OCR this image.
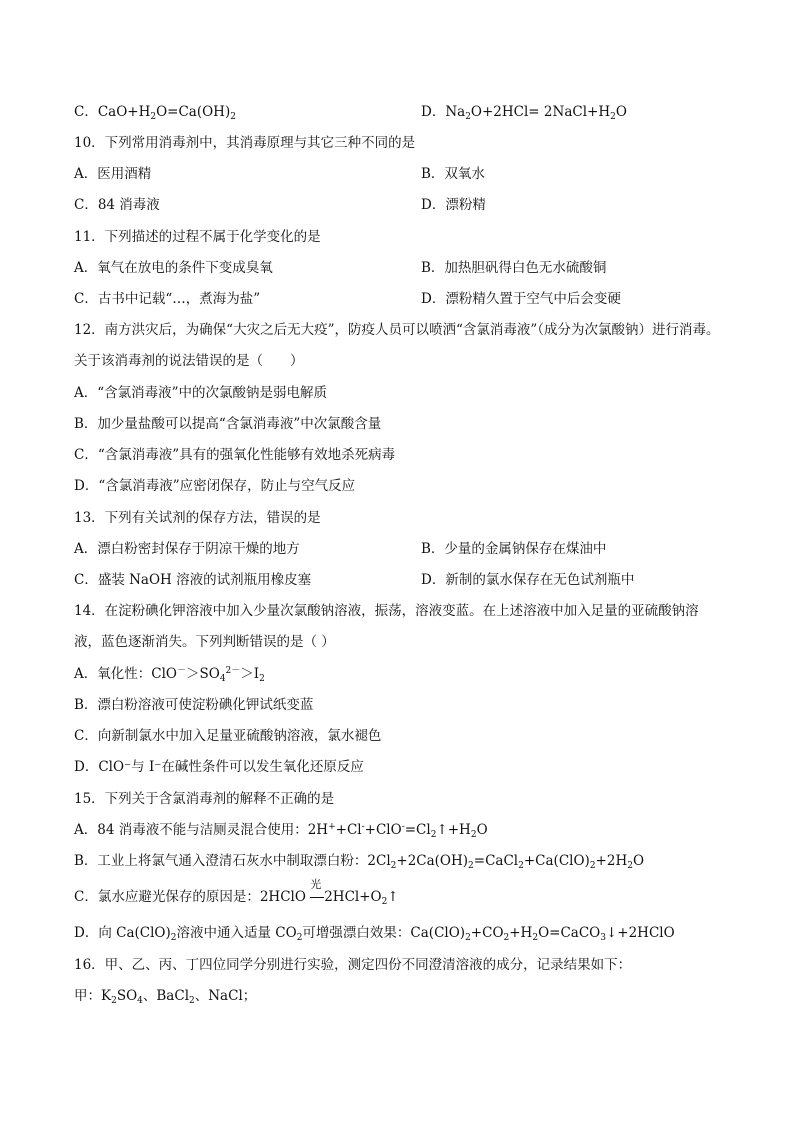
C．$CaO+H_2O=Ca(OH)_2$	D．$Na_2O+2HCl=$ $2NaCl+H_2O$
10．下列常用消毒剂中，其消毒原理与其它三种不同的是
A．医用酒精	B．双氧水
C．84 消毒液	D．漂粉精
11．下列描述的过程不属于化学变化的是
A．氧气在放电的条件下变成臭氧	B．加热胆矾得白色无水硫酸铜
C．古书中记载“…，煮海为盐”	D．漂粉精久置于空气中后会变硬
12．南方洪灾后，为确保“大灾之后无大疫”，防疫人员可以喷洒“含氯消毒液”（成分为次氯酸钠）进行消毒。
关于该消毒剂的说法错误的是（　　）
A．“含氯消毒液”中的次氯酸钠是弱电解质
B．加少量盐酸可以提高“含氯消毒液”中次氯酸含量
C．“含氯消毒液”具有的强氧化性能够有效地杀死病毒
D．“含氯消毒液”应密闭保存，防止与空气反应
13．下列有关试剂的保存方法，错误的是
A．漂白粉密封保存于阴凉干燥的地方	B．少量的金属钠保存在煤油中
C．盛装 NaOH 溶液的试剂瓶用橡皮塞	D．新制的氯水保存在无色试剂瓶中
14．在淀粉碘化钾溶液中加入少量次氯酸钠溶液，振荡，溶液变蓝。在上述溶液中加入足量的亚硫酸钠溶
液，蓝色逐渐消失。下列判断错误的是（ ）
A．氧化性：$ClO^->SO_4^{2-}>I_2$
B．漂白粉溶液可使淀粉碘化钾试纸变蓝
C．向新制氯水中加入足量亚硫酸钠溶液，氯水褪色
D．ClO⁻与 I⁻在碱性条件可以发生氧化还原反应
15．下列关于含氯消毒剂的解释不正确的是
A．84 消毒液不能与洁厕灵混合使用：$2H^++Cl^-+ClO^-=Cl_2↑+H_2O$
B．工业上将氯气通入澄清石灰水中制取漂白粉：$2Cl_2+2Ca(OH)_2=CaCl_2+Ca(ClO)_2+2H_2O$
C．氯水应避光保存的原因是：2HClO
光
$2HCl+O_2↑$
D．向 $Ca(ClO)_2$溶液中通入适量 $CO_2$可增强漂白效果：$Ca(ClO)_2+CO_2+H_2O=CaCO_3↓+2HClO$
16．甲、乙、丙、丁四位同学分别进行实验，测定四份不同澄清溶液的成分，记录结果如下：
甲：$K_2SO_4$、BaCl$_2$、NaCl；
